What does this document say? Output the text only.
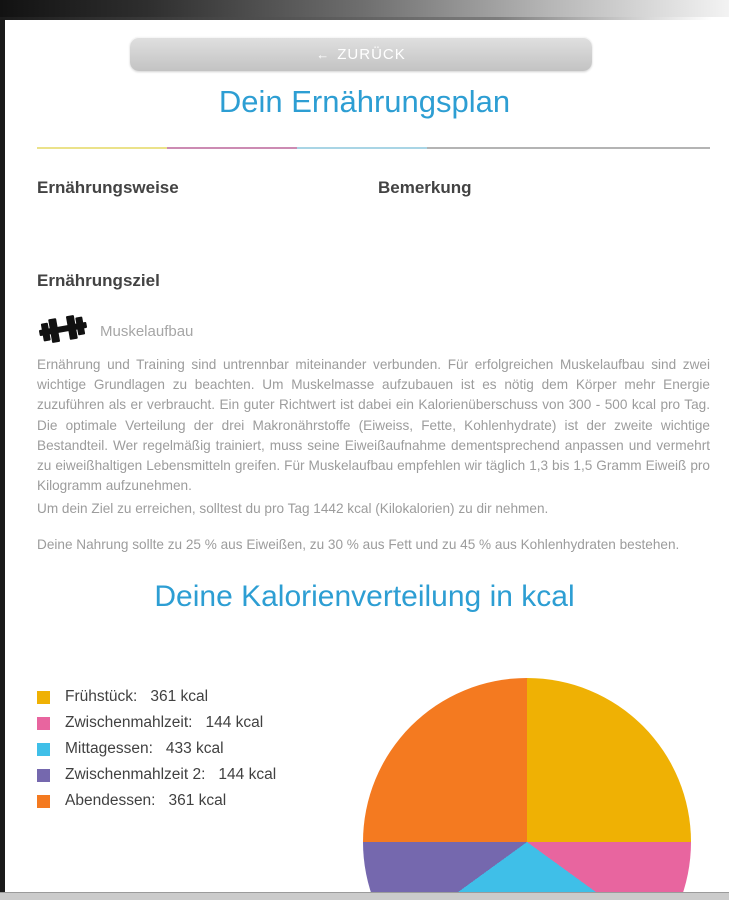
← ZURÜCK
Dein Ernährungsplan
Ernährungsweise	Bemerkung
Ernährungsziel
Muskelaufbau

Ernährung und Training sind untrennbar miteinander verbunden. Für erfolgreichen Muskelaufbau sind zwei wichtige Grundlagen zu beachten. Um Muskelmasse aufzubauen ist es nötig dem Körper mehr Energie zuzuführen als er verbraucht. Ein guter Richtwert ist dabei ein Kalorienüberschuss von 300 - 500 kcal pro Tag. Die optimale Verteilung der drei Makronährstoffe (Eiweiss, Fette, Kohlenhydrate) ist der zweite wichtige Bestandteil. Wer regelmäßig trainiert, muss seine Eiweißaufnahme dementsprechend anpassen und vermehrt zu eiweißhaltigen Lebensmitteln greifen. Für Muskelaufbau empfehlen wir täglich 1,3 bis 1,5 Gramm Eiweiß pro Kilogramm aufzunehmen.

Um dein Ziel zu erreichen, solltest du pro Tag 1442 kcal (Kilokalorien) zu dir nehmen.

Deine Nahrung sollte zu 25 % aus Eiweißen, zu 30 % aus Fett und zu 45 % aus Kohlenhydraten bestehen.

Deine Kalorienverteilung in kcal
Frühstück: 361 kcal
Zwischenmahlzeit: 144 kcal
Mittagessen: 433 kcal
Zwischenmahlzeit 2: 144 kcal
Abendessen: 361 kcal
